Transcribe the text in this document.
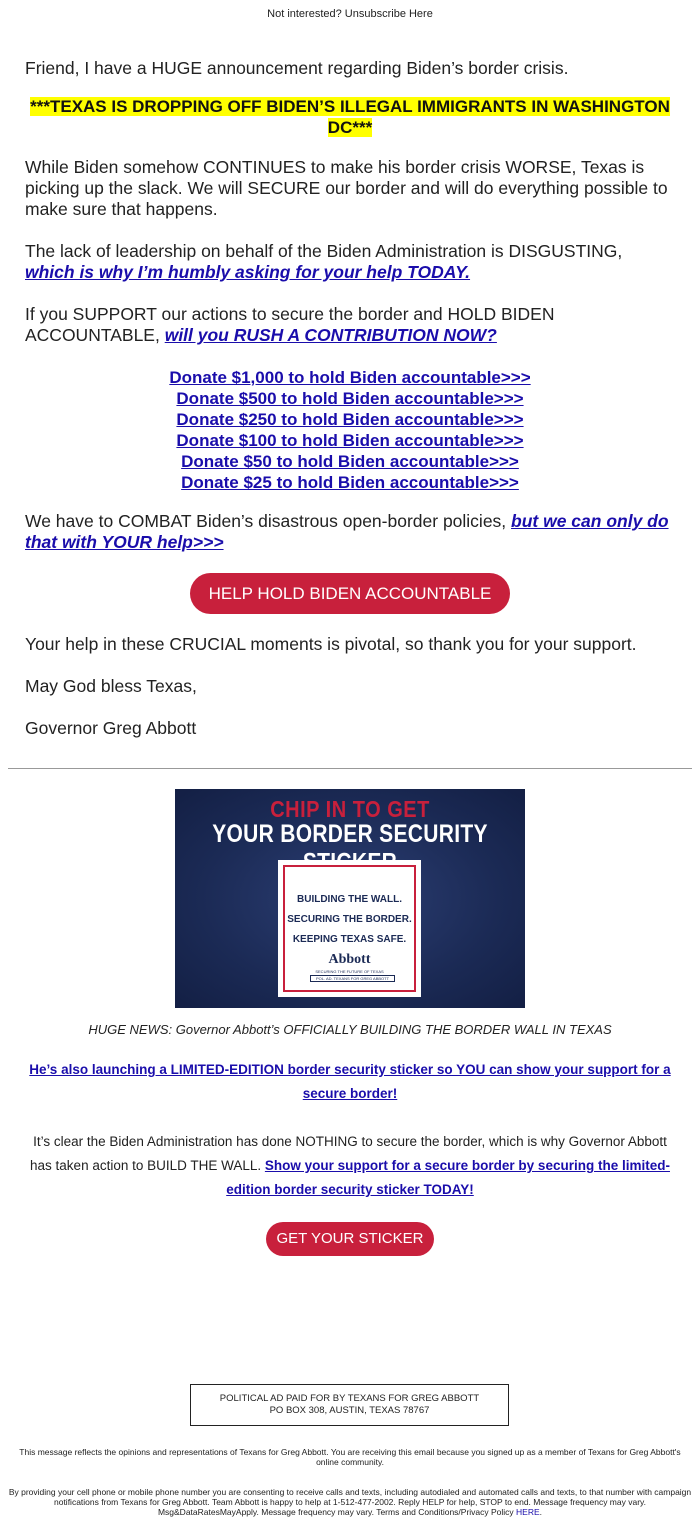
Not interested? Unsubscribe Here
Friend, I have a HUGE announcement regarding Biden’s border crisis.
***TEXAS IS DROPPING OFF BIDEN’S ILLEGAL IMMIGRANTS IN WASHINGTON DC***
While Biden somehow CONTINUES to make his border crisis WORSE, Texas is picking up the slack. We will SECURE our border and will do everything possible to make sure that happens.
The lack of leadership on behalf of the Biden Administration is DISGUSTING, which is why I’m humbly asking for your help TODAY.
If you SUPPORT our actions to secure the border and HOLD BIDEN ACCOUNTABLE, will you RUSH A CONTRIBUTION NOW?
Donate $1,000 to hold Biden accountable>>>
Donate $500 to hold Biden accountable>>>
Donate $250 to hold Biden accountable>>>
Donate $100 to hold Biden accountable>>>
Donate $50 to hold Biden accountable>>>
Donate $25 to hold Biden accountable>>>
We have to COMBAT Biden’s disastrous open-border policies, but we can only do that with YOUR help>>>
HELP HOLD BIDEN ACCOUNTABLE
Your help in these CRUCIAL moments is pivotal, so thank you for your support.
May God bless Texas,
Governor Greg Abbott
CHIP IN TO GET
YOUR BORDER SECURITY
BUILDING THE WALL.
SECURING THE BORDER.
KEEPING TEXAS SAFE.
Abbott
SECURING THE FUTURE OF TEXAS
POL. AD. TEXANS FOR GREG ABBOTT
HUGE NEWS: Governor Abbott’s OFFICIALLY BUILDING THE BORDER WALL IN TEXAS
He’s also launching a LIMITED-EDITION border security sticker so YOU can show your support for a secure border!
It’s clear the Biden Administration has done NOTHING to secure the border, which is why Governor Abbott has taken action to BUILD THE WALL. Show your support for a secure border by securing the limited-edition border security sticker TODAY!
GET YOUR STICKER
POLITICAL AD PAID FOR BY TEXANS FOR GREG ABBOTT
PO BOX 308, AUSTIN, TEXAS 78767
This message reflects the opinions and representations of Texans for Greg Abbott. You are receiving this email because you signed up as a member of Texans for Greg Abbott's online community.
By providing your cell phone or mobile phone number you are consenting to receive calls and texts, including autodialed and automated calls and texts, to that number with campaign notifications from Texans for Greg Abbott. Team Abbott is happy to help at 1-512-477-2002. Reply HELP for help, STOP to end. Message frequency may vary. Msg&DataRatesMayApply. Message frequency may vary. Terms and Conditions/Privacy Policy HERE.
